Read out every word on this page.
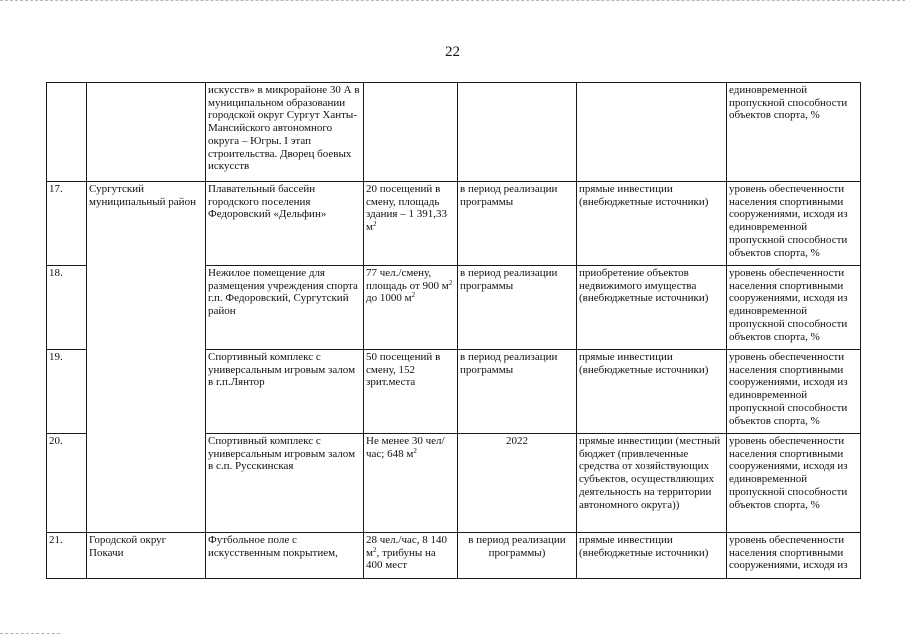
22
		искусств» в микрорайоне 30 А в муниципальном образовании городской округ Сургут Ханты-Мансийского автономного округа – Югры. I этап строительства. Дворец боевых искусств				единовременной пропускной способности объектов спорта, %
17.	Сургутский муниципальный район	Плавательный бассейн городского поселения Федоровский «Дельфин»	20 посещений в смену, площадь здания – 1 391,33 $м^2$	в период реализации программы	прямые инвестиции (внебюджетные источники)	уровень обеспеченности населения спортивными сооружениями, исходя из единовременной пропускной способности объектов спорта, %
18.		Нежилое помещение для размещения учреждения спорта г.п. Федоровский, Сургутский район	77 чел./смену, площадь от 900 $м^2$ до 1000 $м^2$	в период реализации программы	приобретение объектов недвижимого имущества (внебюджетные источники)	уровень обеспеченности населения спортивными сооружениями, исходя из единовременной пропускной способности объектов спорта, %
19.		Спортивный комплекс с универсальным игровым залом в г.п.Лянтор	50 посещений в смену, 152 зрит.места	в период реализации программы	прямые инвестиции (внебюджетные источники)	уровень обеспеченности населения спортивными сооружениями, исходя из единовременной пропускной способности объектов спорта, %
20.		Спортивный комплекс с универсальным игровым залом в с.п. Русскинская	Не менее 30 чел/час; 648 $м^2$	2022	прямые инвестиции (местный бюджет (привлеченные средства от хозяйствующих субъектов, осуществляющих деятельность на территории автономного округа))	уровень обеспеченности населения спортивными сооружениями, исходя из единовременной пропускной способности объектов спорта, %
21.	Городской округ Покачи	Футбольное поле с искусственным покрытием,	28 чел./час, 8 140 $м^2$, трибуны на 400 мест	в период реализации программы)	прямые инвестиции (внебюджетные источники)	уровень обеспеченности населения спортивными сооружениями, исходя из
